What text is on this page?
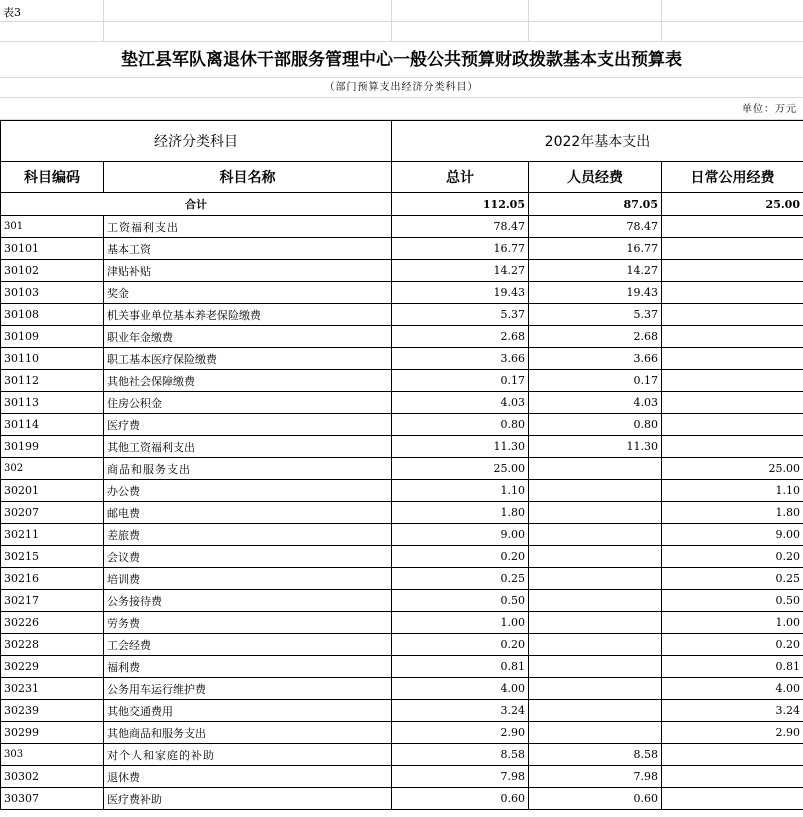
表3
垫江县军队离退休干部服务管理中心一般公共预算财政拨款基本支出预算表
（部门预算支出经济分类科目）
单位：万元
经济分类科目		2022年基本支出		
科目编码	科目名称	总计	人员经费	日常公用经费
合计		112.05	87.05	25.00
301	工资福利支出	78.47	78.47	
30101	基本工资	16.77	16.77	
30102	津贴补贴	14.27	14.27	
30103	奖金	19.43	19.43	
30108	机关事业单位基本养老保险缴费	5.37	5.37	
30109	职业年金缴费	2.68	2.68	
30110	职工基本医疗保险缴费	3.66	3.66	
30112	其他社会保障缴费	0.17	0.17	
30113	住房公积金	4.03	4.03	
30114	医疗费	0.80	0.80	
30199	其他工资福利支出	11.30	11.30	
302	商品和服务支出	25.00		25.00
30201	办公费	1.10		1.10
30207	邮电费	1.80		1.80
30211	差旅费	9.00		9.00
30215	会议费	0.20		0.20
30216	培训费	0.25		0.25
30217	公务接待费	0.50		0.50
30226	劳务费	1.00		1.00
30228	工会经费	0.20		0.20
30229	福利费	0.81		0.81
30231	公务用车运行维护费	4.00		4.00
30239	其他交通费用	3.24		3.24
30299	其他商品和服务支出	2.90		2.90
303	对个人和家庭的补助	8.58	8.58	
30302	退休费	7.98	7.98	
30307	医疗费补助	0.60	0.60	
